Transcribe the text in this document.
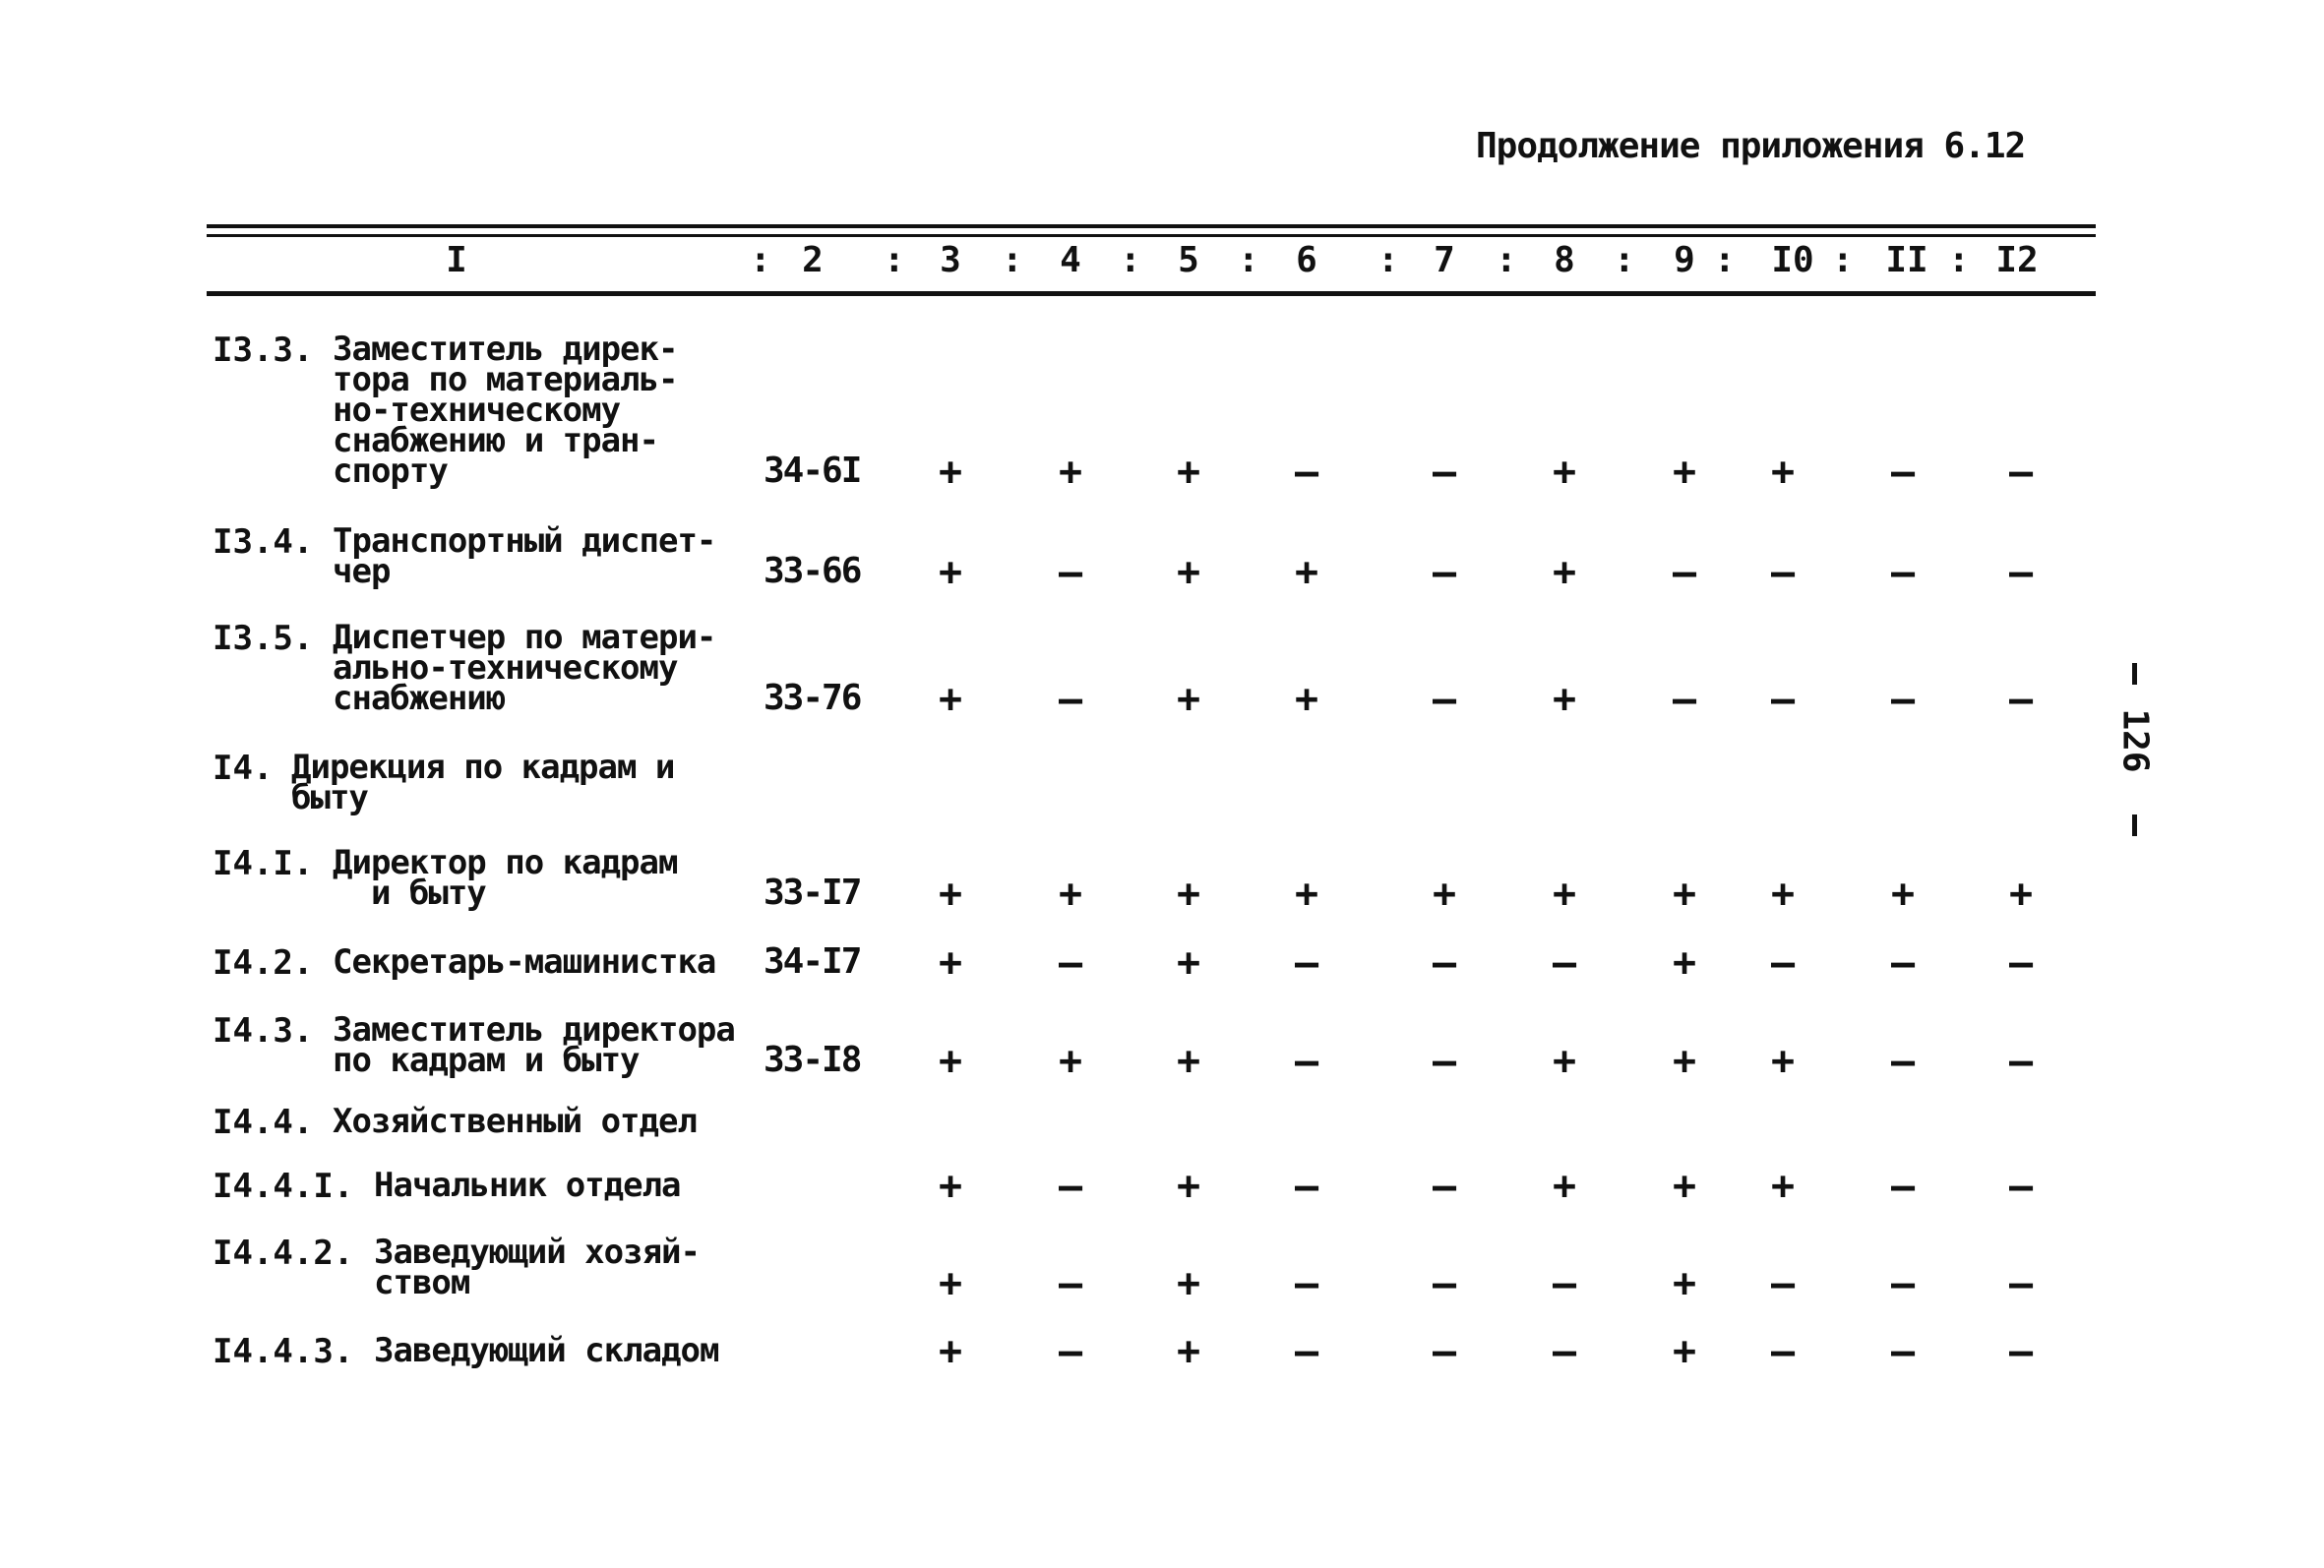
Продолжение приложения 6.12
I	: 2	: 3	:	4	:	5	:	6	: 7	:	8	:	9 :	I0 : II : I2
I3.3. Заместитель дирек-
тора по материаль-
но-техническому
снабжению и тран-
спорту	34-6I	+	+	+	–	–	+	+	+	–	–
I3.4. Транспортный диспет-
чер	33-66	+	–	+	+	–	+	–	–	–	–
I3.5. Диспетчер по матери-
ально-техническому
снабжению	33-76	+	–	+	+	–	+	–	–	–	–
I4. Дирекция по кадрам и
быту
I4.I. Директор по кадрам
и быту	33-I7	+	+	+	+	+	+	+	+	+	+
I4.2. Секретарь-машинистка 34-I7	+	–	+	–	–	–	+	–	–	–
I4.3. Заместитель директора
по кадрам и быту	33-I8	+	+	+	–	–	+	+	+	–	–
I4.4. Хозяйственный отдел
I4.4.I. Начальник отдела	+	–	+	–	–	+	+	+	–	–
I4.4.2. Заведующий хозяй-
ством	+	–	+	–	–	–	+	–	–	–
I4.4.3. Заведующий складом	+	–	+	–	–	–	+	–	–	–
126
